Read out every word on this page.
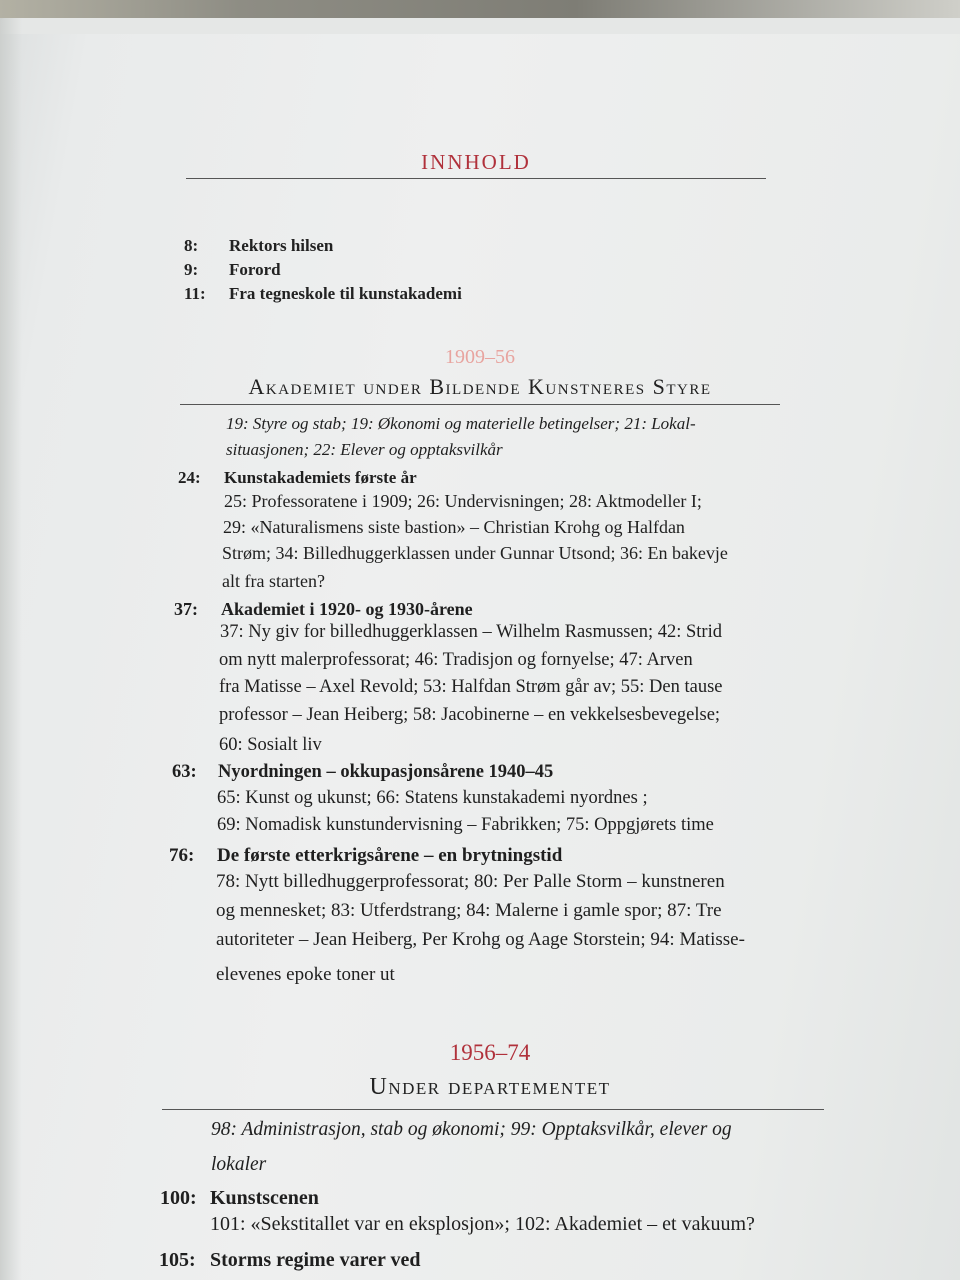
INNHOLD
8: Rektors hilsen
9: Forord
11: Fra tegneskole til kunstakademi
1909–56
Akademiet under Bildende Kunstneres Styre
19: Styre og stab; 19: Økonomi og materielle betingelser; 21: Lokal-
situasjonen; 22: Elever og opptaksvilkår
24: Kunstakademiets første år
25: Professoratene i 1909; 26: Undervisningen; 28: Aktmodeller I;
29: «Naturalismens siste bastion» – Christian Krohg og Halfdan
Strøm; 34: Billedhuggerklassen under Gunnar Utsond; 36: En bakevje
alt fra starten?
37: Akademiet i 1920- og 1930-årene
37: Ny giv for billedhuggerklassen – Wilhelm Rasmussen; 42: Strid
om nytt malerprofessorat; 46: Tradisjon og fornyelse; 47: Arven
fra Matisse – Axel Revold; 53: Halfdan Strøm går av; 55: Den tause
professor – Jean Heiberg; 58: Jacobinerne – en vekkelsesbevegelse;
60: Sosialt liv
63: Nyordningen – okkupasjonsårene 1940–45
65: Kunst og ukunst; 66: Statens kunstakademi nyordnes ;
69: Nomadisk kunstundervisning – Fabrikken; 75: Oppgjørets time
76: De første etterkrigsårene – en brytningstid
78: Nytt billedhuggerprofessorat; 80: Per Palle Storm – kunstneren
og mennesket; 83: Utferdstrang; 84: Malerne i gamle spor; 87: Tre
autoriteter – Jean Heiberg, Per Krohg og Aage Storstein; 94: Matisse-
elevenes epoke toner ut
1956–74
Under departementet
98: Administrasjon, stab og økonomi; 99: Opptaksvilkår, elever og
lokaler
100: Kunstscenen
101: «Sekstitallet var en eksplosjon»; 102: Akademiet – et vakuum?
105: Storms regime varer ved
